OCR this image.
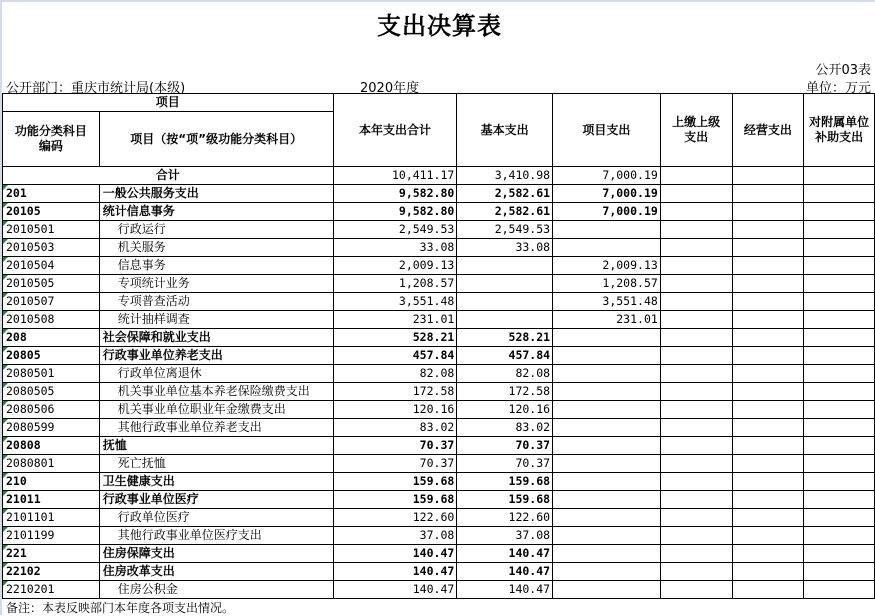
支出决算表
公开03表
公开部门：重庆市统计局(本级)	2020年度	单位：万元
项目		本年支出合计	基本支出	项目支出	上缴上级支出	经营支出	对附属单位补助支出
功能分类科目编码	项目（按“项”级功能分类科目）						
合计		10,411.17	3,410.98	7,000.19			
201	一般公共服务支出	9,582.80	2,582.61	7,000.19			
20105	统计信息事务	9,582.80	2,582.61	7,000.19			
2010501	行政运行	2,549.53	2,549.53				
2010503	机关服务	33.08	33.08				
2010504	信息事务	2,009.13		2,009.13			
2010505	专项统计业务	1,208.57		1,208.57			
2010507	专项普查活动	3,551.48		3,551.48			
2010508	统计抽样调查	231.01		231.01			
208	社会保障和就业支出	528.21	528.21				
20805	行政事业单位养老支出	457.84	457.84				
2080501	行政单位离退休	82.08	82.08				
2080505	机关事业单位基本养老保险缴费支出	172.58	172.58				
2080506	机关事业单位职业年金缴费支出	120.16	120.16				
2080599	其他行政事业单位养老支出	83.02	83.02				
20808	抚恤	70.37	70.37				
2080801	死亡抚恤	70.37	70.37				
210	卫生健康支出	159.68	159.68				
21011	行政事业单位医疗	159.68	159.68				
2101101	行政单位医疗	122.60	122.60				
2101199	其他行政事业单位医疗支出	37.08	37.08				
221	住房保障支出	140.47	140.47				
22102	住房改革支出	140.47	140.47				
2210201	住房公积金	140.47	140.47				
备注：本表反映部门本年度各项支出情况。
